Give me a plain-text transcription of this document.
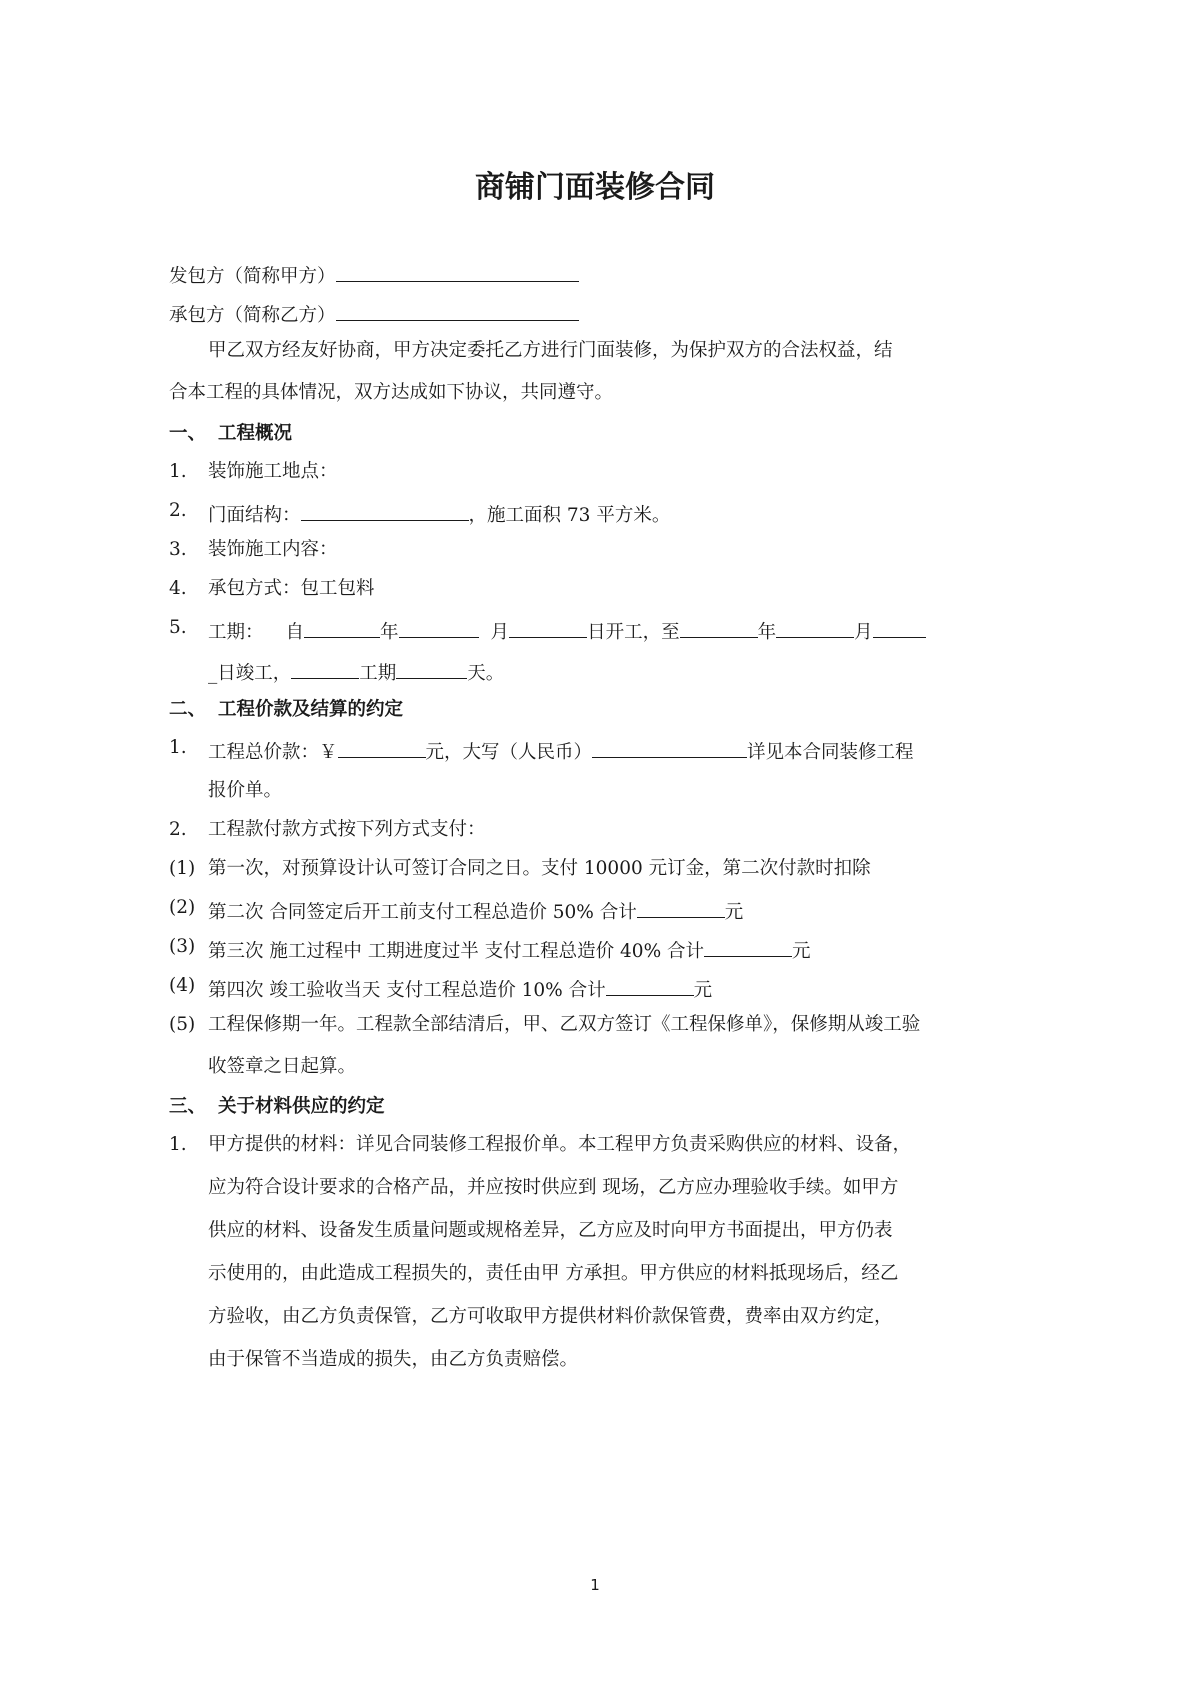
商铺门面装修合同
发包方（简称甲方）
承包方（简称乙方）
甲乙双方经友好协商，甲方决定委托乙方进行门面装修，为保护双方的合法权益，结
合本工程的具体情况，双方达成如下协议，共同遵守。
一、 工程概况
1. 装饰施工地点：
2. 门面结构：	，施工面积 73 平方米。
3. 装饰施工内容：
4. 承包方式：包工包料
5. 工期： 自	年	月	日开工，至	年	月
_日竣工，	工期	天。
二、 工程价款及结算的约定
1. 工程总价款：￥	元，大写（人民币）	详见本合同装修工程
报价单。
2. 工程款付款方式按下列方式支付：
(1) 第一次，对预算设计认可签订合同之日。支付 10000 元订金，第二次付款时扣除
(2) 第二次 合同签定后开工前支付工程总造价 50% 合计	元
(3) 第三次 施工过程中 工期进度过半 支付工程总造价 40% 合计	元
(4) 第四次 竣工验收当天 支付工程总造价 10% 合计	元
(5) 工程保修期一年。工程款全部结清后，甲、乙双方签订《工程保修单》，保修期从竣工验
收签章之日起算。
三、 关于材料供应的约定
1. 甲方提供的材料：详见合同装修工程报价单。本工程甲方负责采购供应的材料、设备，
应为符合设计要求的合格产品，并应按时供应到 现场，乙方应办理验收手续。如甲方
供应的材料、设备发生质量问题或规格差异，乙方应及时向甲方书面提出，甲方仍表
示使用的，由此造成工程损失的，责任由甲 方承担。甲方供应的材料抵现场后，经乙
方验收，由乙方负责保管，乙方可收取甲方提供材料价款保管费，费率由双方约定，
由于保管不当造成的损失，由乙方负责赔偿。
1
